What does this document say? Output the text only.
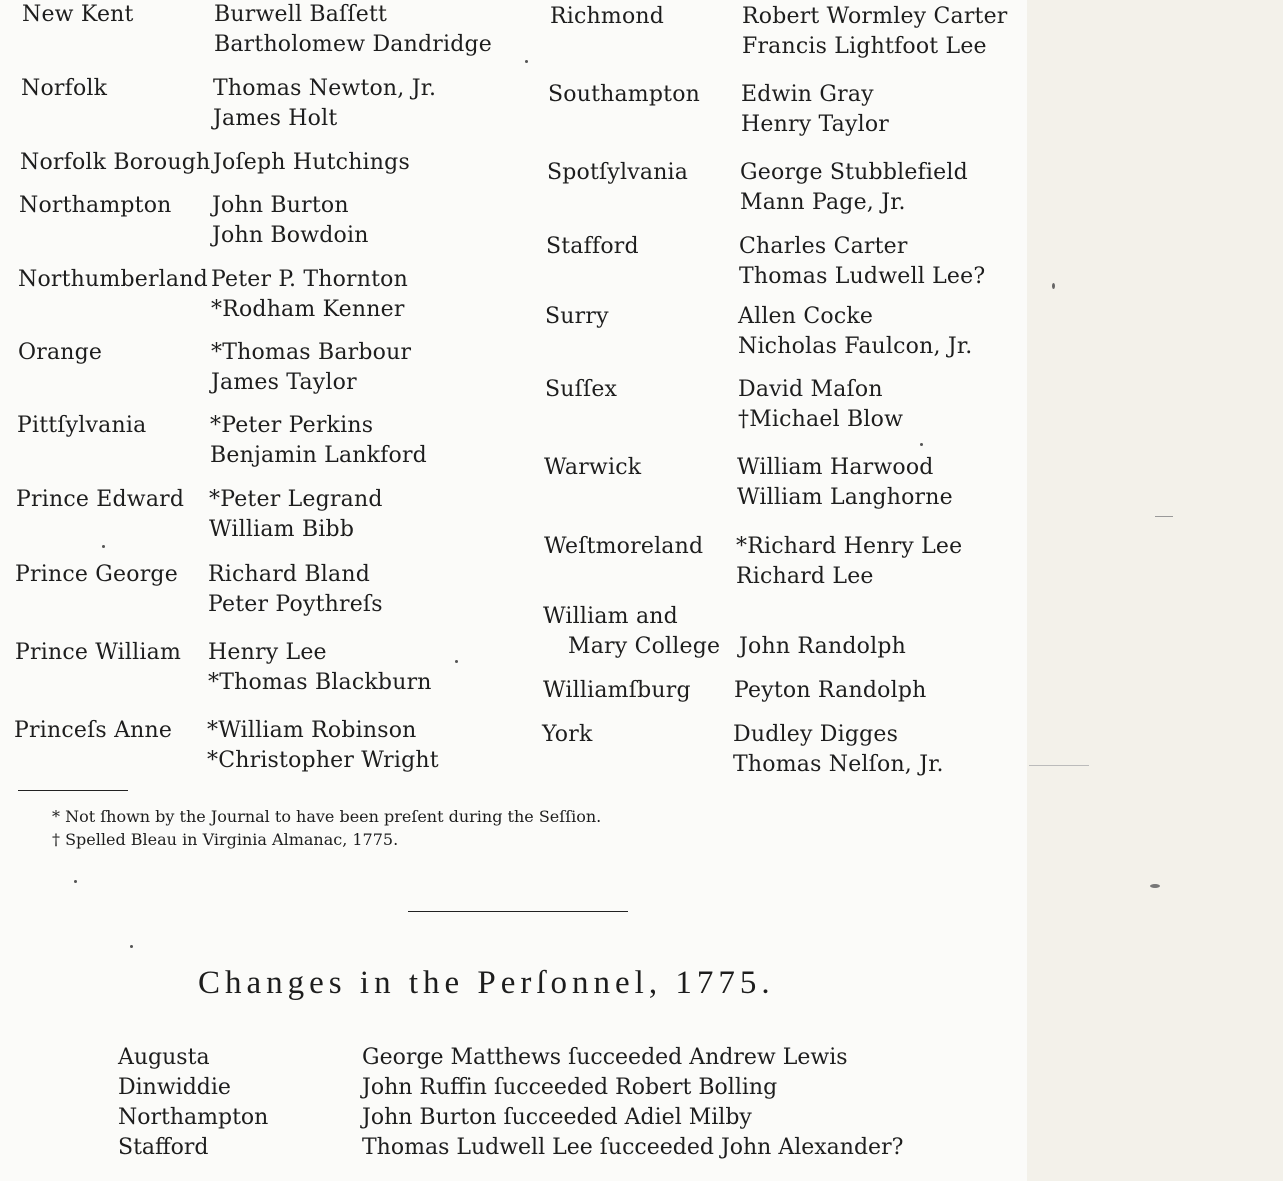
New Kent	Burwell Baſſett
Bartholomew Dandridge
Norfolk	Thomas Newton, Jr.
James Holt
Norfolk Borough Joſeph Hutchings
Northampton John Burton
John Bowdoin
Northumberland Peter P. Thornton
*Rodham Kenner
Orange	*Thomas Barbour
James Taylor
Pittſylvania	*Peter Perkins
Benjamin Lankford
Prince Edward *Peter Legrand
William Bibb
Prince George Richard Bland
Peter Poythreſs
Prince William Henry Lee
*Thomas Blackburn
Princeſs Anne *William Robinson
*Christopher Wright
Richmond	Robert Wormley Carter
Francis Lightfoot Lee
Southampton Edwin Gray
Henry Taylor
Spotſylvania George Stubblefield
Mann Page, Jr.
Stafford	Charles Carter
Thomas Ludwell Lee?
Surry	Allen Cocke
Nicholas Faulcon, Jr.
Suſſex	David Maſon
†Michael Blow
Warwick	William Harwood
William Langhorne
Weſtmoreland *Richard Henry Lee
Richard Lee
William and
Mary College John Randolph
Williamſburg Peyton Randolph
York	Dudley Digges
Thomas Nelſon, Jr.
* Not ſhown by the Journal to have been preſent during the Seſſion.
† Spelled Bleau in Virginia Almanac, 1775.
Changes in the Perſonnel, 1775.
Augusta	George Matthews ſucceeded Andrew Lewis
Dinwiddie	John Ruffin ſucceeded Robert Bolling
Northampton	John Burton ſucceeded Adiel Milby
Stafford	Thomas Ludwell Lee ſucceeded John Alexander?
